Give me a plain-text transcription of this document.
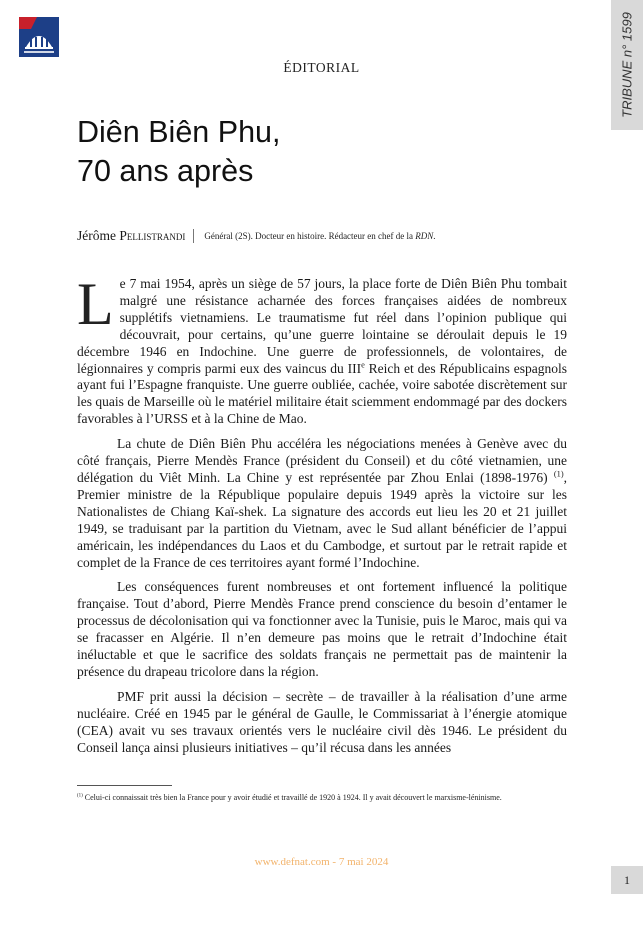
TRIBUNE n° 1599
ÉDITORIAL
Diên Biên Phu,
70 ans après
Jérôme Pellistrandi Général (2S). Docteur en histoire. Rédacteur en chef de la RDN.

Le 7 mai 1954, après un siège de 57 jours, la place forte de Diên Biên Phu tombait malgré une résistance acharnée des forces françaises aidées de nombreux supplétifs vietnamiens. Le traumatisme fut réel dans l’opinion publique qui découvrait, pour certains, qu’une guerre lointaine se déroulait depuis le 19 décembre 1946 en Indochine. Une guerre de professionnels, de volontaires, de légionnaires y compris parmi eux des vaincus du IIIe Reich et des Républicains espagnols ayant fui l’Espagne franquiste. Une guerre oubliée, cachée, voire sabotée discrètement sur les quais de Marseille où le matériel militaire était sciemment endommagé par des dockers favorables à l’URSS et à la Chine de Mao.

La chute de Diên Biên Phu accéléra les négociations menées à Genève avec du côté français, Pierre Mendès France (président du Conseil) et du côté vietnamien, une délégation du Viêt Minh. La Chine y est représentée par Zhou Enlai (1898-1976) $^{(1)}$, Premier ministre de la République populaire depuis 1949 après la victoire sur les Nationalistes de Chiang Kaï-shek. La signature des accords eut lieu les 20 et 21 juillet 1949, se traduisant par la partition du Vietnam, avec le Sud allant bénéficier de l’appui américain, les indépendances du Laos et du Cambodge, et surtout par le retrait rapide et complet de la France de ces territoires ayant formé l’Indochine.

Les conséquences furent nombreuses et ont fortement influencé la politique française. Tout d’abord, Pierre Mendès France prend conscience du besoin d’entamer le processus de décolonisation qui va fonctionner avec la Tunisie, puis le Maroc, mais qui va se fracasser en Algérie. Il n’en demeure pas moins que le retrait d’Indochine était inéluctable et que le sacrifice des soldats français ne permettait pas de maintenir la présence du drapeau tricolore dans la région.

PMF prit aussi la décision – secrète – de travailler à la réalisation d’une arme nucléaire. Créé en 1945 par le général de Gaulle, le Commissariat à l’énergie atomique (CEA) avait vu ses travaux orientés vers le nucléaire civil dès 1946. Le président du Conseil lança ainsi plusieurs initiatives – qu’il récusa dans les années

$^{(1)}$ Celui-ci connaissait très bien la France pour y avoir étudié et travaillé de 1920 à 1924. Il y avait découvert le marxisme-léninisme.
www.defnat.com - 7 mai 2024
1
